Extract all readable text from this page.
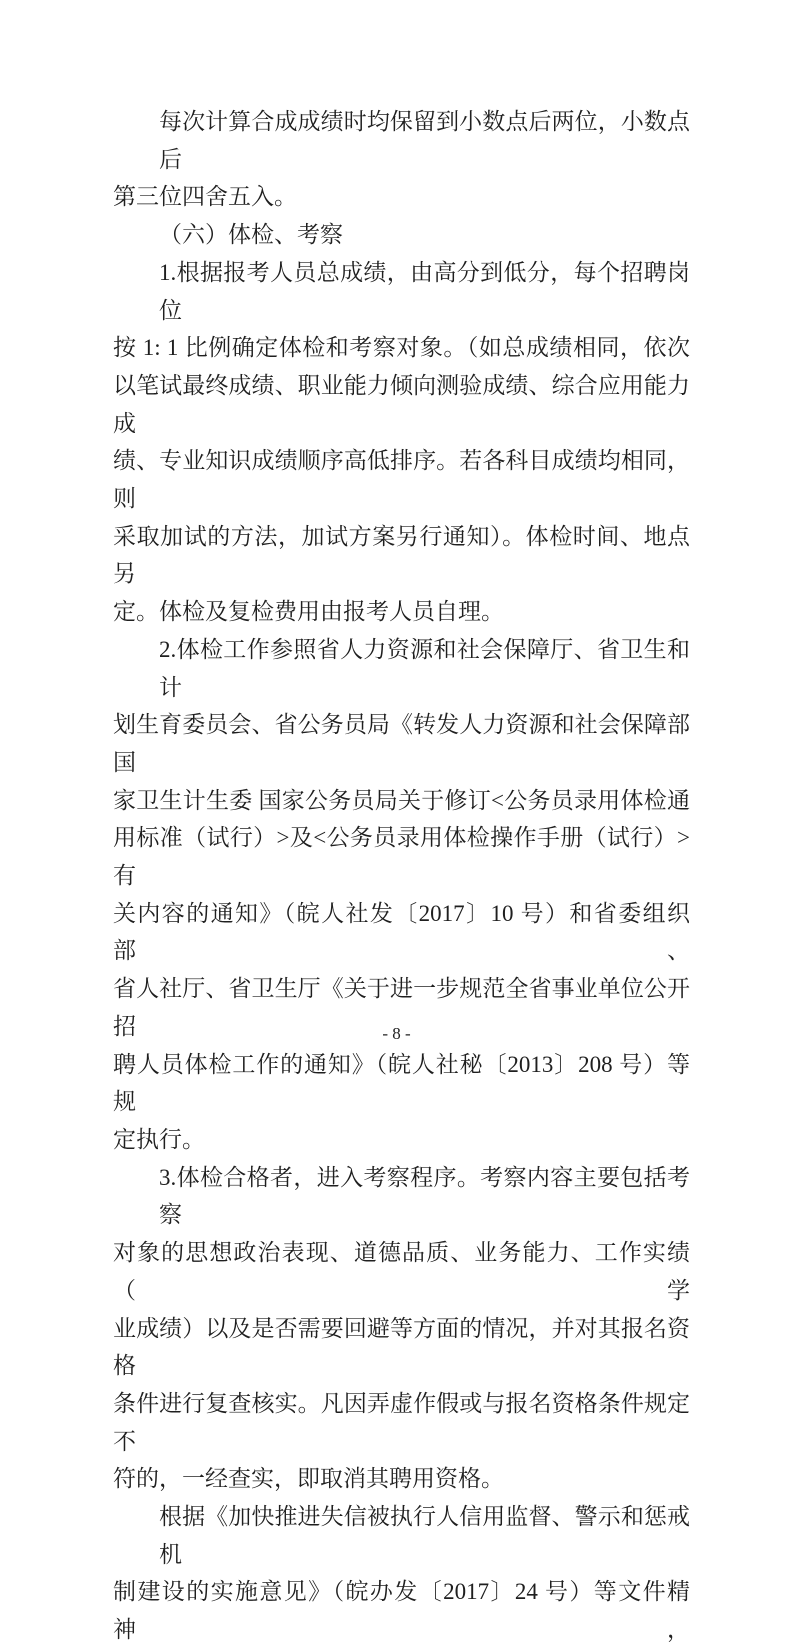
每次计算合成成绩时均保留到小数点后两位，小数点后
第三位四舍五入。
（六）体检、考察
1.根据报考人员总成绩，由高分到低分，每个招聘岗位
按 1: 1 比例确定体检和考察对象。（如总成绩相同，依次
以笔试最终成绩、职业能力倾向测验成绩、综合应用能力成
绩、专业知识成绩顺序高低排序。若各科目成绩均相同，则
采取加试的方法，加试方案另行通知）。体检时间、地点另
定。体检及复检费用由报考人员自理。
2.体检工作参照省人力资源和社会保障厅、省卫生和计
划生育委员会、省公务员局《转发人力资源和社会保障部 国
家卫生计生委 国家公务员局关于修订<公务员录用体检通
用标准（试行）>及<公务员录用体检操作手册（试行）>有
关内容的通知》（皖人社发〔2017〕10 号）和省委组织部、
省人社厅、省卫生厅《关于进一步规范全省事业单位公开招
聘人员体检工作的通知》（皖人社秘〔2013〕208 号）等规
定执行。
3.体检合格者，进入考察程序。考察内容主要包括考察
对象的思想政治表现、道德品质、业务能力、工作实绩（学
业成绩）以及是否需要回避等方面的情况，并对其报名资格
条件进行复查核实。凡因弄虚作假或与报名资格条件规定不
符的，一经查实，即取消其聘用资格。
根据《加快推进失信被执行人信用监督、警示和惩戒机
制建设的实施意见》（皖办发〔2017〕24 号）等文件精神，
- 8 -
